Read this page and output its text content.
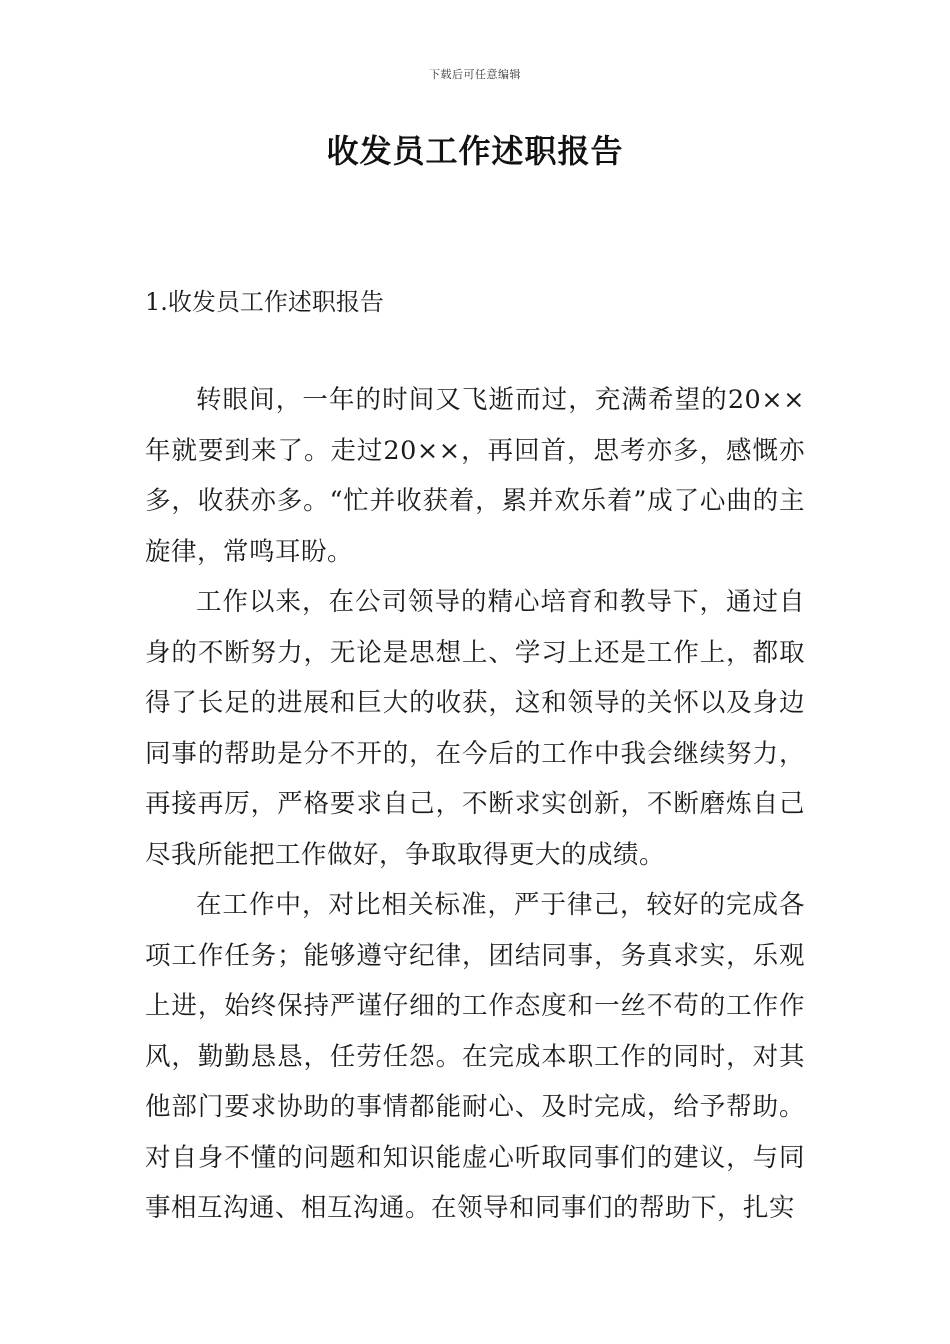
下载后可任意编辑
收发员工作述职报告
1.收发员工作述职报告

转眼间，一年的时间又飞逝而过，充满希望的20××年就要到来了。走过20××，再回首，思考亦多，感慨亦多，收获亦多。“忙并收获着，累并欢乐着”成了心曲的主旋律，常鸣耳盼。

工作以来，在公司领导的精心培育和教导下，通过自身的不断努力，无论是思想上、学习上还是工作上，都取得了长足的进展和巨大的收获，这和领导的关怀以及身边同事的帮助是分不开的，在今后的工作中我会继续努力，再接再厉，严格要求自己，不断求实创新，不断磨炼自己尽我所能把工作做好，争取取得更大的成绩。

在工作中，对比相关标准，严于律己，较好的完成各项工作任务；能够遵守纪律，团结同事，务真求实，乐观上进，始终保持严谨仔细的工作态度和一丝不苟的工作作风，勤勤恳恳，任劳任怨。在完成本职工作的同时，对其他部门要求协助的事情都能耐心、及时完成，给予帮助。对自身不懂的问题和知识能虚心听取同事们的建议，与同事相互沟通、相互沟通。在领导和同事们的帮助下，扎实
